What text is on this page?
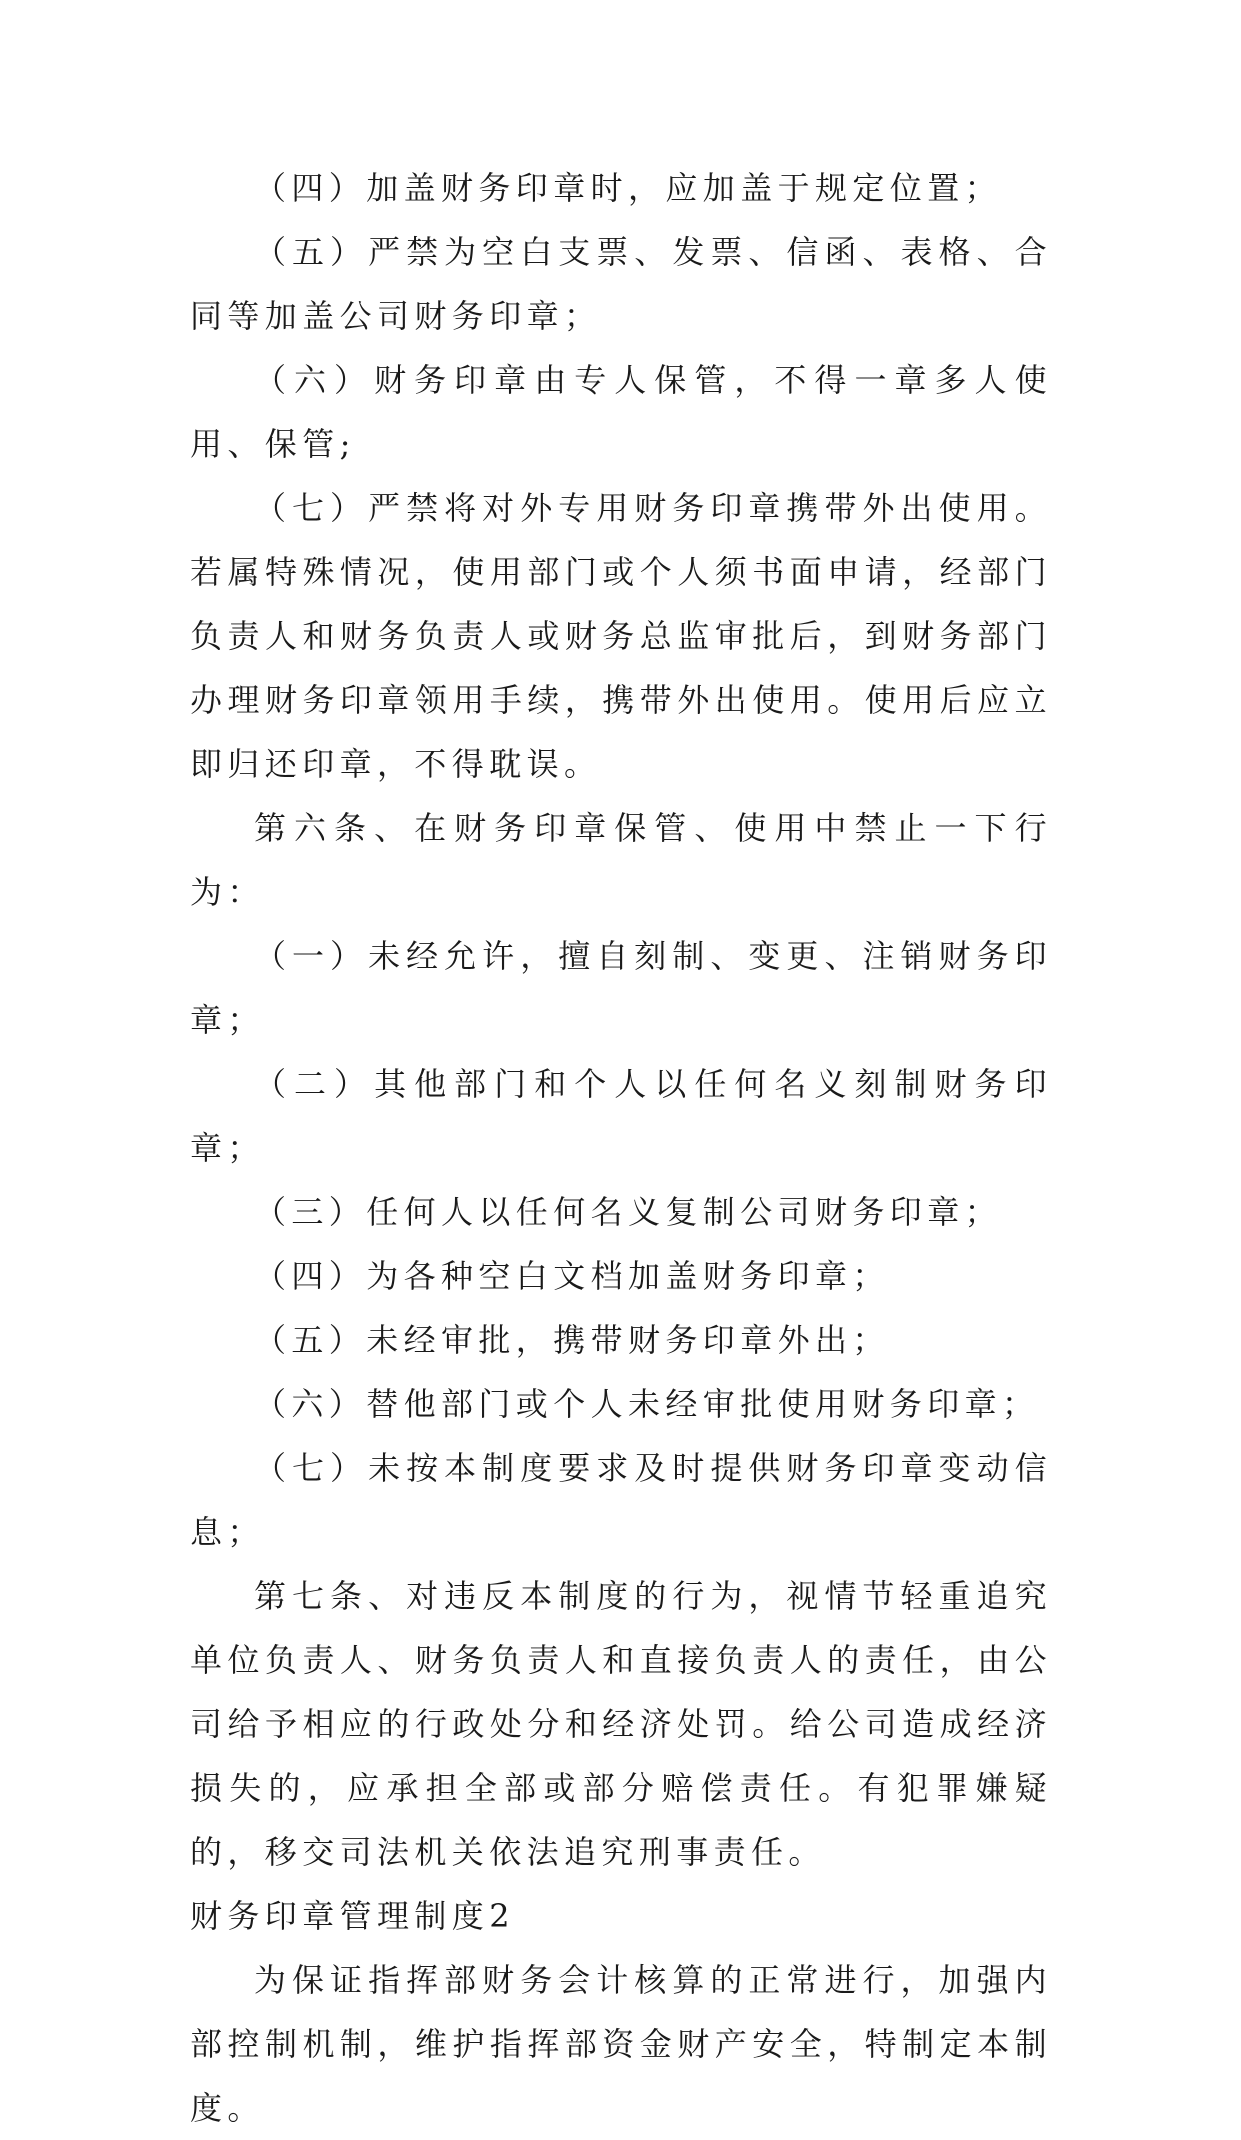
（四）加盖财务印章时，应加盖于规定位置；

（五）严禁为空白支票、发票、信函、表格、合同等加盖公司财务印章；

（六）财务印章由专人保管，不得一章多人使用、保管;

（七）严禁将对外专用财务印章携带外出使用。若属特殊情况，使用部门或个人须书面申请，经部门负责人和财务负责人或财务总监审批后，到财务部门办理财务印章领用手续，携带外出使用。使用后应立即归还印章，不得耽误。

第六条、在财务印章保管、使用中禁止一下行为：

（一）未经允许，擅自刻制、变更、注销财务印章；

（二）其他部门和个人以任何名义刻制财务印章；

（三）任何人以任何名义复制公司财务印章；

（四）为各种空白文档加盖财务印章；

（五）未经审批，携带财务印章外出；

（六）替他部门或个人未经审批使用财务印章；

（七）未按本制度要求及时提供财务印章变动信息；

第七条、对违反本制度的行为，视情节轻重追究单位负责人、财务负责人和直接负责人的责任，由公司给予相应的行政处分和经济处罚。给公司造成经济损失的，应承担全部或部分赔偿责任。有犯罪嫌疑的，移交司法机关依法追究刑事责任。

财务印章管理制度2

为保证指挥部财务会计核算的正常进行，加强内部控制机制，维护指挥部资金财产安全，特制定本制度。
